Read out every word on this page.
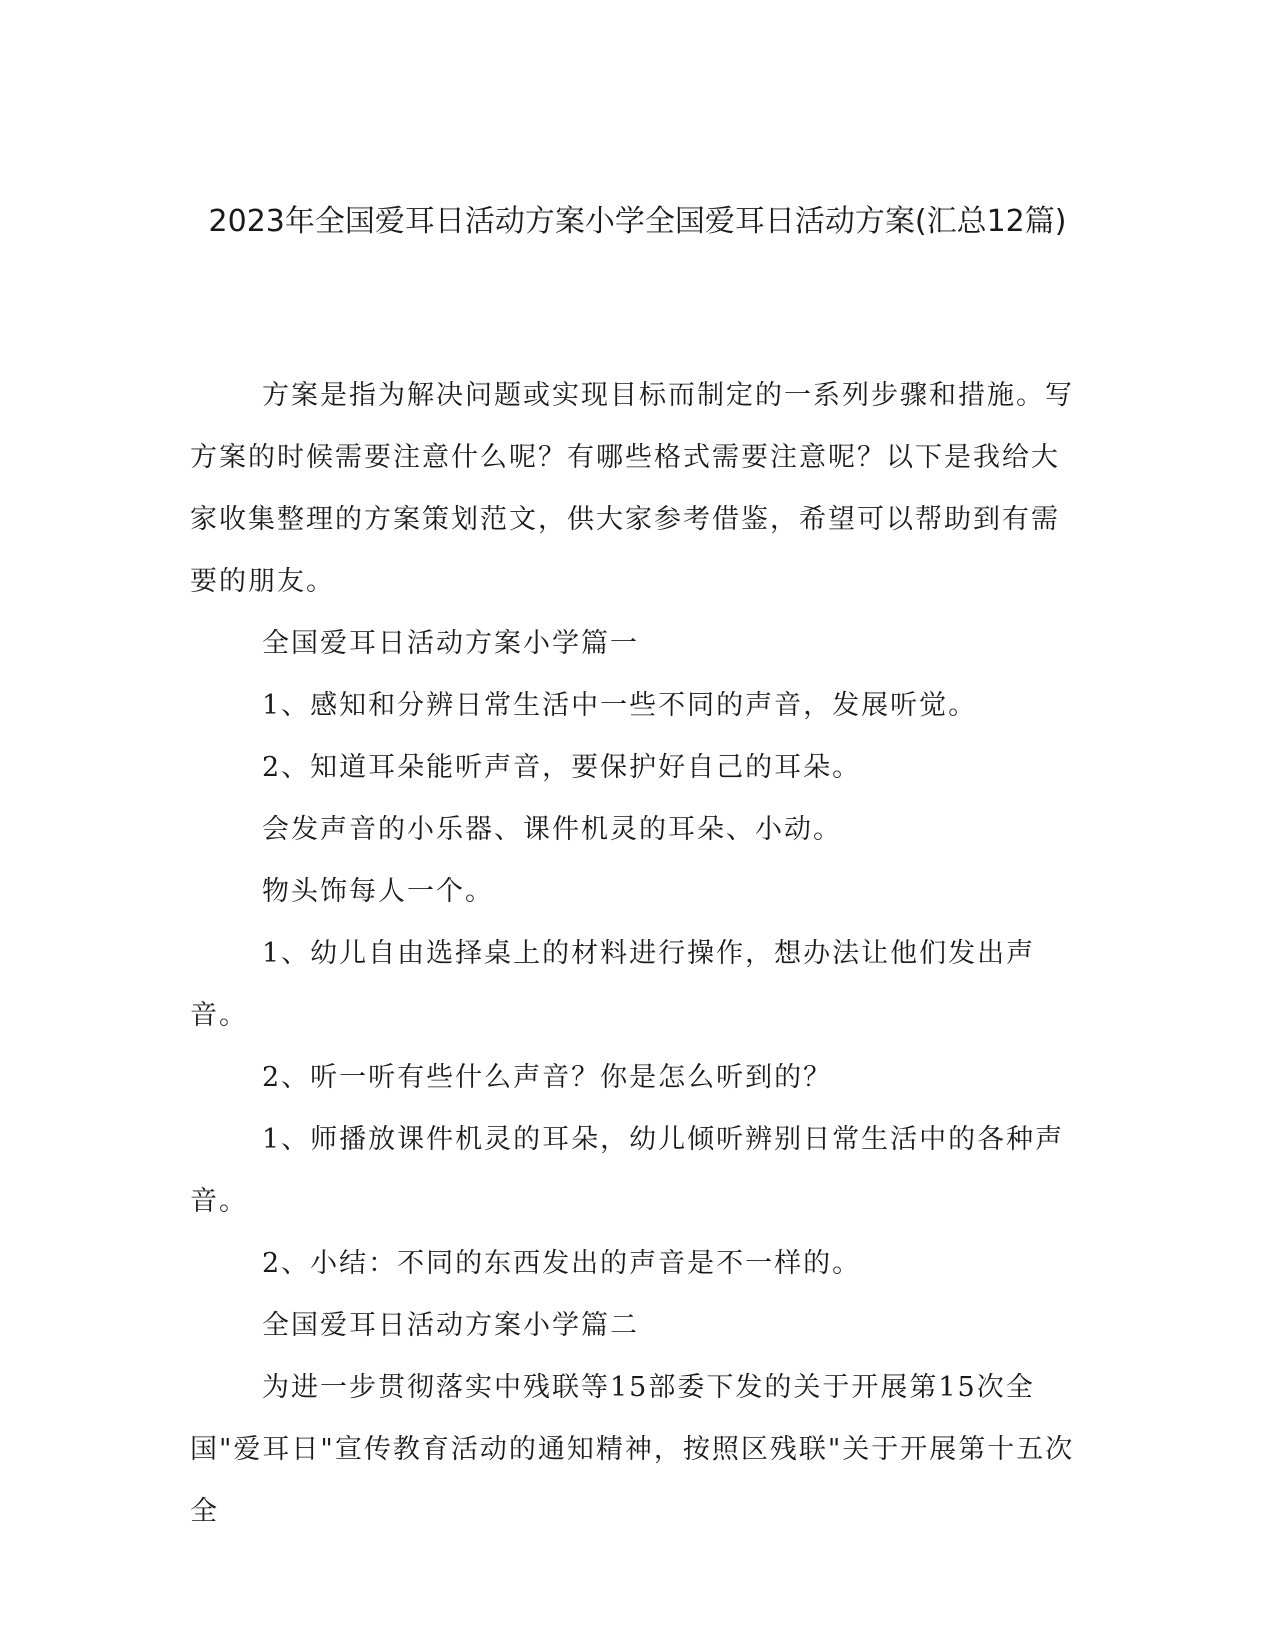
2023年全国爱耳日活动方案小学全国爱耳日活动方案(汇总12篇)

方案是指为解决问题或实现目标而制定的一系列步骤和措施。写方案的时候需要注意什么呢？有哪些格式需要注意呢？以下是我给大家收集整理的方案策划范文，供大家参考借鉴，希望可以帮助到有需要的朋友。

全国爱耳日活动方案小学篇一

1、感知和分辨日常生活中一些不同的声音，发展听觉。

2、知道耳朵能听声音，要保护好自己的耳朵。

会发声音的小乐器、课件机灵的耳朵、小动。

物头饰每人一个。

1、幼儿自由选择桌上的材料进行操作，想办法让他们发出声音。

2、听一听有些什么声音？你是怎么听到的？

1、师播放课件机灵的耳朵，幼儿倾听辨别日常生活中的各种声音。

2、小结：不同的东西发出的声音是不一样的。

全国爱耳日活动方案小学篇二

为进一步贯彻落实中残联等15部委下发的关于开展第15次全国"爱耳日"宣传教育活动的通知精神，按照区残联"关于开展第十五次全
